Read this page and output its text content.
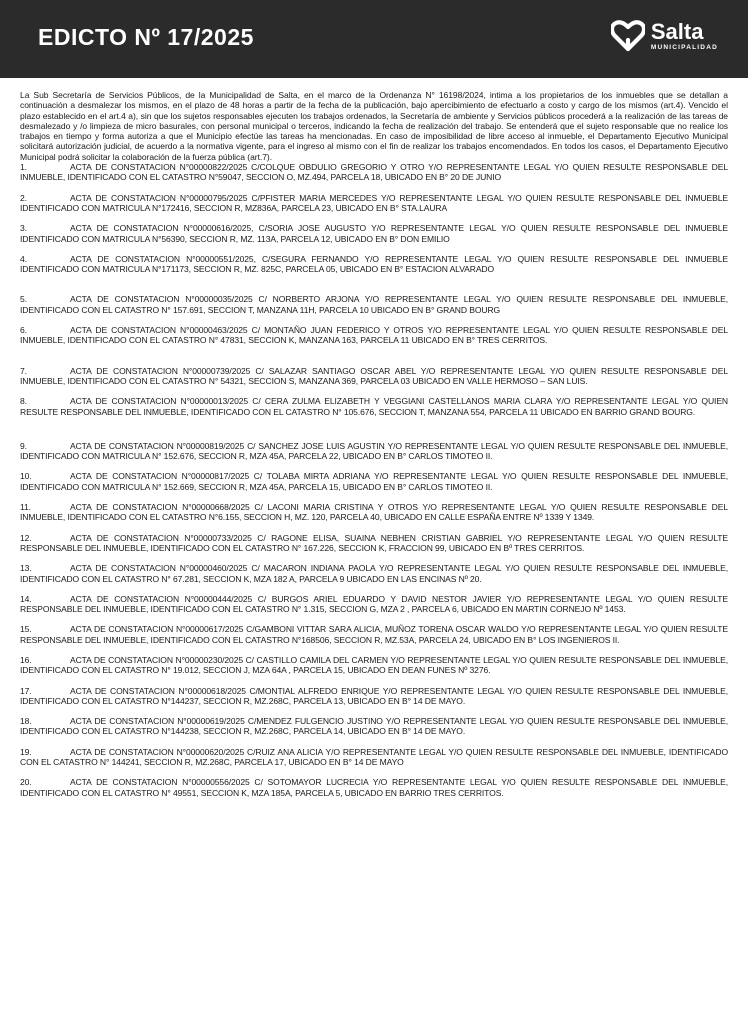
EDICTO Nº 17/2025	Salta
MUNICIPALIDAD

La Sub Secretaría de Servicios Públicos, de la Municipalidad de Salta, en el marco de la Ordenanza N° 16198/2024, intima a los propietarios de los inmuebles que se detallan a continuación a desmalezar los mismos, en el plazo de 48 horas a partir de la fecha de la publicación, bajo apercibimiento de efectuarlo a costo y cargo de los mismos (art.4). Vencido el plazo establecido en el art.4 a), sin que los sujetos responsables ejecuten los trabajos ordenados, la Secretaría de ambiente y Servicios públicos procederá a la realización de las tareas de desmalezado y /o limpieza de micro basurales, con personal municipal o terceros, indicando la fecha de realización del trabajo. Se entenderá que el sujeto responsable que no realice los trabajos en tiempo y forma autoriza a que el Municipio efectúe las tareas ha mencionadas. En caso de imposibilidad de libre acceso al inmueble, el Departamento Ejecutivo Municipal solicitará autorización judicial, de acuerdo a la normativa vigente, para el ingreso al mismo con el fin de realizar los trabajos encomendados. En todos los casos, el Departamento Ejecutivo Municipal podrá solicitar la colaboración de la fuerza pública (art.7).

1.	ACTA DE CONSTATACION N°00000822/2025 C/COLQUE OBDULIO GREGORIO Y OTRO Y/O REPRESENTANTE LEGAL Y/O QUIEN RESULTE RESPONSABLE DEL INMUEBLE, IDENTIFICADO CON EL CATASTRO N°59047, SECCION O, MZ.494, PARCELA 18, UBICADO EN B° 20 DE JUNIO
2.	ACTA DE CONSTATACION N°00000795/2025 C/PFISTER MARIA MERCEDES Y/O REPRESENTANTE LEGAL Y/O QUIEN RESULTE RESPONSABLE DEL INMUEBLE IDENTIFICADO CON MATRICULA N°172416, SECCION R, MZ836A, PARCELA 23, UBICADO EN B° STA.LAURA
3.	ACTA DE CONSTATACION N°00000616/2025, C/SORIA JOSE AUGUSTO Y/O REPRESENTANTE LEGAL Y/O QUIEN RESULTE RESPONSABLE DEL INMUEBLE IDENTIFICADO CON MATRICULA N°56390, SECCION R, MZ. 113A, PARCELA 12, UBICADO EN B° DON EMILIO
4.	ACTA DE CONSTATACION N°00000551/2025, C/SEGURA FERNANDO Y/O REPRESENTANTE LEGAL Y/O QUIEN RESULTE RESPONSABLE DEL INMUEBLE IDENTIFICADO CON MATRICULA N°171173, SECCION R, MZ. 825C, PARCELA 05, UBICADO EN B° ESTACION ALVARADO
5.	ACTA DE CONSTATACION N°00000035/2025 C/ NORBERTO ARJONA Y/O REPRESENTANTE LEGAL Y/O QUIEN RESULTE RESPONSABLE DEL INMUEBLE, IDENTIFICADO CON EL CATASTRO N° 157.691, SECCION T, MANZANA 11H, PARCELA 10 UBICADO EN B° GRAND BOURG
6.	ACTA DE CONSTATACION N°00000463/2025 C/ MONTAÑO JUAN FEDERICO Y OTROS Y/O REPRESENTANTE LEGAL Y/O QUIEN RESULTE RESPONSABLE DEL INMUEBLE, IDENTIFICADO CON EL CATASTRO N° 47831, SECCION K, MANZANA 163, PARCELA 11 UBICADO EN B° TRES CERRITOS.
7.	ACTA DE CONSTATACION N°00000739/2025 C/ SALAZAR SANTIAGO OSCAR ABEL Y/O REPRESENTANTE LEGAL Y/O QUIEN RESULTE RESPONSABLE DEL INMUEBLE, IDENTIFICADO CON EL CATASTRO N° 54321, SECCION S, MANZANA 369, PARCELA 03 UBICADO EN VALLE HERMOSO – SAN LUIS.
8.	ACTA DE CONSTATACION N°00000013/2025 C/ CERA ZULMA ELIZABETH Y VEGGIANI CASTELLANOS MARIA CLARA Y/O REPRESENTANTE LEGAL Y/O QUIEN RESULTE RESPONSABLE DEL INMUEBLE, IDENTIFICADO CON EL CATASTRO N° 105.676, SECCION T, MANZANA 554, PARCELA 11 UBICADO EN BARRIO GRAND BOURG.
9.	ACTA DE CONSTATACION N°00000819/2025 C/ SANCHEZ JOSE LUIS AGUSTIN Y/O REPRESENTANTE LEGAL Y/O QUIEN RESULTE RESPONSABLE DEL INMUEBLE, IDENTIFICADO CON MATRICULA N° 152.676, SECCION R, MZA 45A, PARCELA 22, UBICADO EN B° CARLOS TIMOTEO II.
10.	ACTA DE CONSTATACION N°00000817/2025 C/ TOLABA MIRTA ADRIANA Y/O REPRESENTANTE LEGAL Y/O QUIEN RESULTE RESPONSABLE DEL INMUEBLE, IDENTIFICADO CON MATRICULA N° 152.669, SECCION R, MZA 45A, PARCELA 15, UBICADO EN B° CARLOS TIMOTEO II.
11.	ACTA DE CONSTATACION N°00000668/2025 C/ LACONI MARIA CRISTINA Y OTROS Y/O REPRESENTANTE LEGAL Y/O QUIEN RESULTE RESPONSABLE DEL INMUEBLE, IDENTIFICADO CON EL CATASTRO N°6.155, SECCION H, MZ. 120, PARCELA 40, UBICADO EN CALLE ESPAÑA ENTRE Nº 1339 Y 1349.
12.	ACTA DE CONSTATACION N°00000733/2025 C/ RAGONE ELISA, SUAINA NEBHEN CRISTIAN GABRIEL Y/O REPRESENTANTE LEGAL Y/O QUIEN RESULTE RESPONSABLE DEL INMUEBLE, IDENTIFICADO CON EL CATASTRO N° 167.226, SECCION K, FRACCION 99, UBICADO EN Bº TRES CERRITOS.
13.	ACTA DE CONSTATACION N°00000460/2025 C/ MACARON INDIANA PAOLA Y/O REPRESENTANTE LEGAL Y/O QUIEN RESULTE RESPONSABLE DEL INMUEBLE, IDENTIFICADO CON EL CATASTRO N° 67.281, SECCION K, MZA 182 A, PARCELA 9 UBICADO EN LAS ENCINAS Nº 20.
14.	ACTA DE CONSTATACION N°00000444/2025 C/ BURGOS ARIEL EDUARDO Y DAVID NESTOR JAVIER Y/O REPRESENTANTE LEGAL Y/O QUIEN RESULTE RESPONSABLE DEL INMUEBLE, IDENTIFICADO CON EL CATASTRO N° 1.315, SECCION G, MZA 2 , PARCELA 6, UBICADO EN MARTIN CORNEJO Nº 1453.
15.	ACTA DE CONSTATACION N°00000617/2025 C/GAMBONI VITTAR SARA ALICIA, MUÑOZ TORENA OSCAR WALDO Y/O REPRESENTANTE LEGAL Y/O QUIEN RESULTE RESPONSABLE DEL INMUEBLE, IDENTIFICADO CON EL CATASTRO N°168506, SECCION R, MZ.53A, PARCELA 24, UBICADO EN B° LOS INGENIEROS II.
16.	ACTA DE CONSTATACION N°00000230/2025 C/ CASTILLO CAMILA DEL CARMEN Y/O REPRESENTANTE LEGAL Y/O QUIEN RESULTE RESPONSABLE DEL INMUEBLE, IDENTIFICADO CON EL CATASTRO N° 19.012, SECCION J, MZA 64A , PARCELA 15, UBICADO EN DEAN FUNES Nº 3276.
17.	ACTA DE CONSTATACION N°00000618/2025 C/MONTIAL ALFREDO ENRIQUE Y/O REPRESENTANTE LEGAL Y/O QUIEN RESULTE RESPONSABLE DEL INMUEBLE, IDENTIFICADO CON EL CATASTRO N°144237, SECCION R, MZ.268C, PARCELA 13, UBICADO EN B° 14 DE MAYO.
18.	ACTA DE CONSTATACION N°00000619/2025 C/MENDEZ FULGENCIO JUSTINO Y/O REPRESENTANTE LEGAL Y/O QUIEN RESULTE RESPONSABLE DEL INMUEBLE, IDENTIFICADO CON EL CATASTRO N°144238, SECCION R, MZ.268C, PARCELA 14, UBICADO EN B° 14 DE MAYO.
19.	ACTA DE CONSTATACION N°00000620/2025 C/RUIZ ANA ALICIA Y/O REPRESENTANTE LEGAL Y/O QUIEN RESULTE RESPONSABLE DEL INMUEBLE, IDENTIFICADO CON EL CATASTRO N° 144241, SECCION R, MZ.268C, PARCELA 17, UBICADO EN B° 14 DE MAYO
20.	ACTA DE CONSTATACION N°00000556/2025 C/ SOTOMAYOR LUCRECIA Y/O REPRESENTANTE LEGAL Y/O QUIEN RESULTE RESPONSABLE DEL INMUEBLE, IDENTIFICADO CON EL CATASTRO N° 49551, SECCION K, MZA 185A, PARCELA 5, UBICADO EN BARRIO TRES CERRITOS.
